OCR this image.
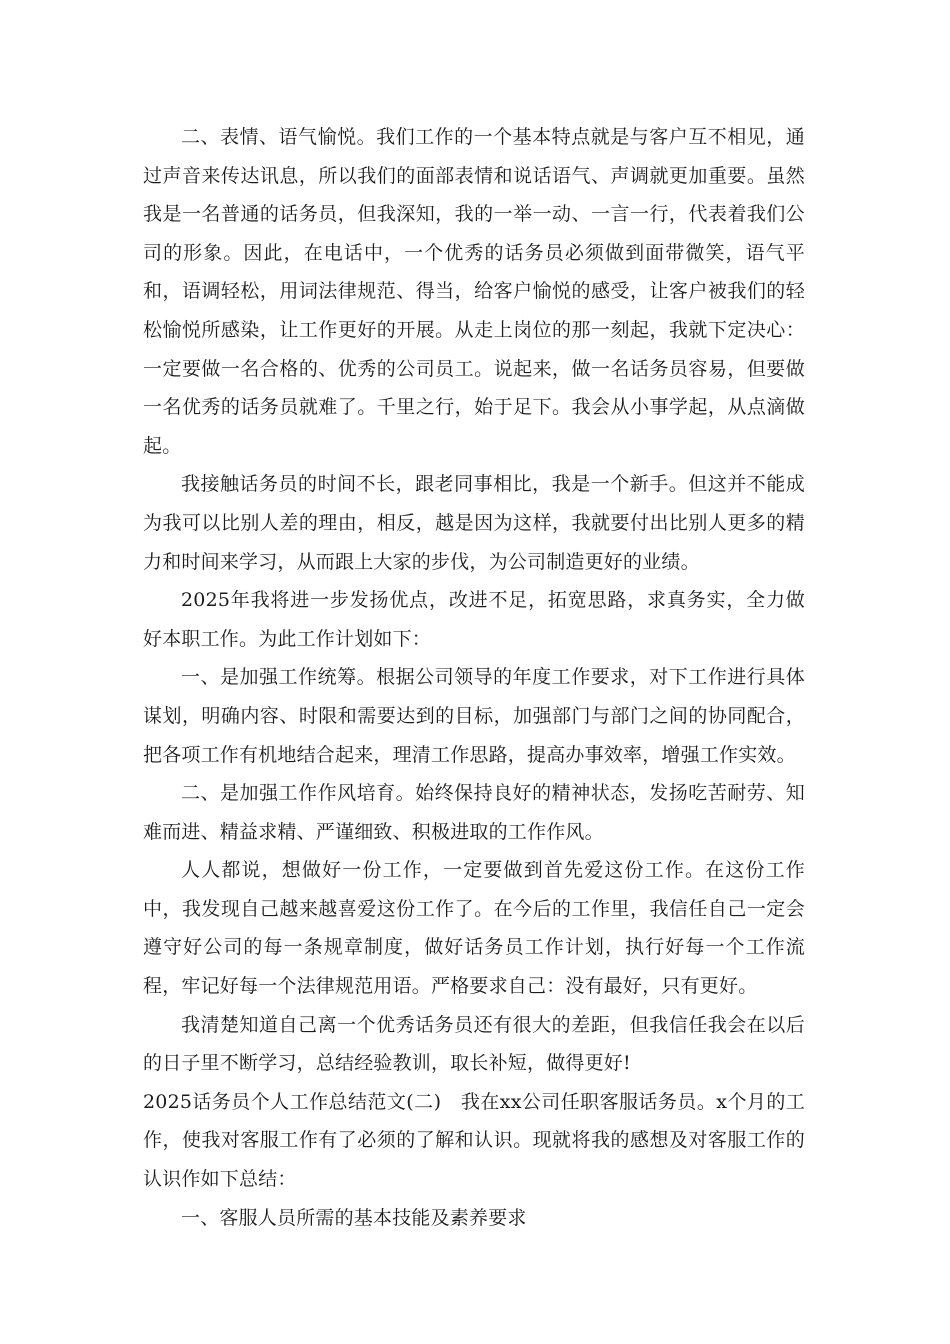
二、表情、语气愉悦。我们工作的一个基本特点就是与客户互不相见，通过声音来传达讯息，所以我们的面部表情和说话语气、声调就更加重要。虽然我是一名普通的话务员，但我深知，我的一举一动、一言一行，代表着我们公司的形象。因此，在电话中，一个优秀的话务员必须做到面带微笑，语气平和，语调轻松，用词法律规范、得当，给客户愉悦的感受，让客户被我们的轻松愉悦所感染，让工作更好的开展。从走上岗位的那一刻起，我就下定决心：一定要做一名合格的、优秀的公司员工。说起来，做一名话务员容易，但要做一名优秀的话务员就难了。千里之行，始于足下。我会从小事学起，从点滴做起。

我接触话务员的时间不长，跟老同事相比，我是一个新手。但这并不能成为我可以比别人差的理由，相反，越是因为这样，我就要付出比别人更多的精力和时间来学习，从而跟上大家的步伐，为公司制造更好的业绩。

2025年我将进一步发扬优点，改进不足，拓宽思路，求真务实，全力做好本职工作。为此工作计划如下：

一、是加强工作统筹。根据公司领导的年度工作要求，对下工作进行具体谋划，明确内容、时限和需要达到的目标，加强部门与部门之间的协同配合，把各项工作有机地结合起来，理清工作思路，提高办事效率，增强工作实效。

二、是加强工作作风培育。始终保持良好的精神状态，发扬吃苦耐劳、知难而进、精益求精、严谨细致、积极进取的工作作风。

人人都说，想做好一份工作，一定要做到首先爱这份工作。在这份工作中，我发现自己越来越喜爱这份工作了。在今后的工作里，我信任自己一定会遵守好公司的每一条规章制度，做好话务员工作计划，执行好每一个工作流程，牢记好每一个法律规范用语。严格要求自己：没有最好，只有更好。

我清楚知道自己离一个优秀话务员还有很大的差距，但我信任我会在以后的日子里不断学习，总结经验教训，取长补短，做得更好!

2025话务员个人工作总结范文(二)　我在xx公司任职客服话务员。x个月的工作，使我对客服工作有了必须的了解和认识。现就将我的感想及对客服工作的认识作如下总结：

一、客服人员所需的基本技能及素养要求
